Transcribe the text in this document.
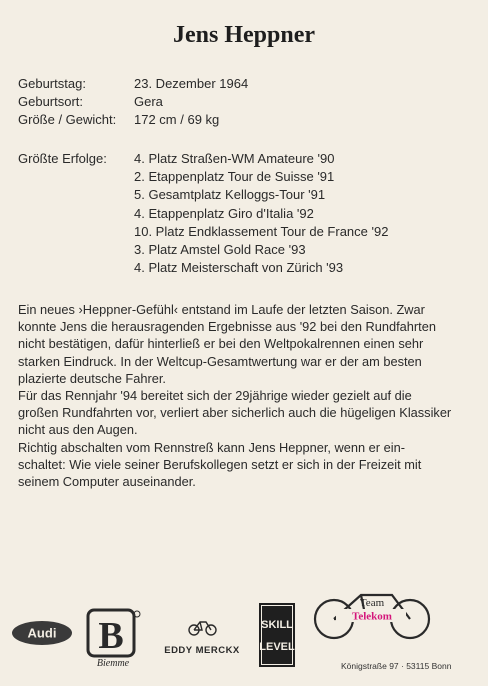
Jens Heppner
Geburtstag:	23. Dezember 1964
Geburtsort:	Gera
Größe / Gewicht:	172 cm / 69 kg
Größte Erfolge:	4. Platz Straßen-WM Amateure '90
2. Etappenplatz Tour de Suisse '91
5. Gesamtplatz Kelloggs-Tour '91
4. Etappenplatz Giro d'Italia '92
10. Platz Endklassement Tour de France '92
3. Platz Amstel Gold Race '93
4. Platz Meisterschaft von Zürich '93

Ein neues ›Heppner-Gefühl‹ entstand im Laufe der letzten Saison. Zwar

konnte Jens die herausragenden Ergebnisse aus '92 bei den Rundfahrten

nicht bestätigen, dafür hinterließ er bei den Weltpokalrennen einen sehr

starken Eindruck. In der Weltcup-Gesamtwertung war er der am besten

plazierte deutsche Fahrer.

Für das Rennjahr '94 bereitet sich der 29jährige wieder gezielt auf die

großen Rundfahrten vor, verliert aber sicherlich auch die hügeligen Klassiker

nicht aus den Augen.

Richtig abschalten vom Rennstreß kann Jens Heppner, wenn er ein-

schaltet: Wie viele seiner Berufskollegen setzt er sich in der Freizeit mit

seinem Computer auseinander.

Audi B
Biemme
EDDY MERCKX
SKILL
LEVEL
Team
Telekom
Königstraße 97 · 53115 Bonn
